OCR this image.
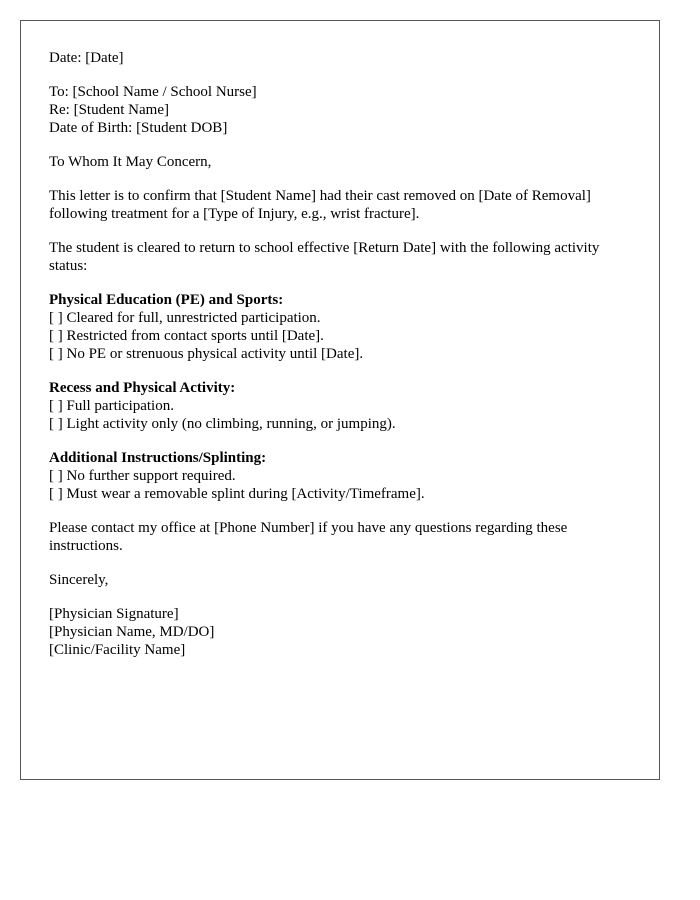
Date: [Date]
To: [School Name / School Nurse]
Re: [Student Name]
Date of Birth: [Student DOB]
To Whom It May Concern,

This letter is to confirm that [Student Name] had their cast removed on [Date of Removal] following treatment for a [Type of Injury, e.g., wrist fracture].

The student is cleared to return to school effective [Return Date] with the following activity status:

Physical Education (PE) and Sports:
[ ] Cleared for full, unrestricted participation.
[ ] Restricted from contact sports until [Date].
[ ] No PE or strenuous physical activity until [Date].
Recess and Physical Activity:
[ ] Full participation.
[ ] Light activity only (no climbing, running, or jumping).
Additional Instructions/Splinting:
[ ] No further support required.
[ ] Must wear a removable splint during [Activity/Timeframe].

Please contact my office at [Phone Number] if you have any questions regarding these instructions.

Sincerely,
[Physician Signature]
[Physician Name, MD/DO]
[Clinic/Facility Name]
